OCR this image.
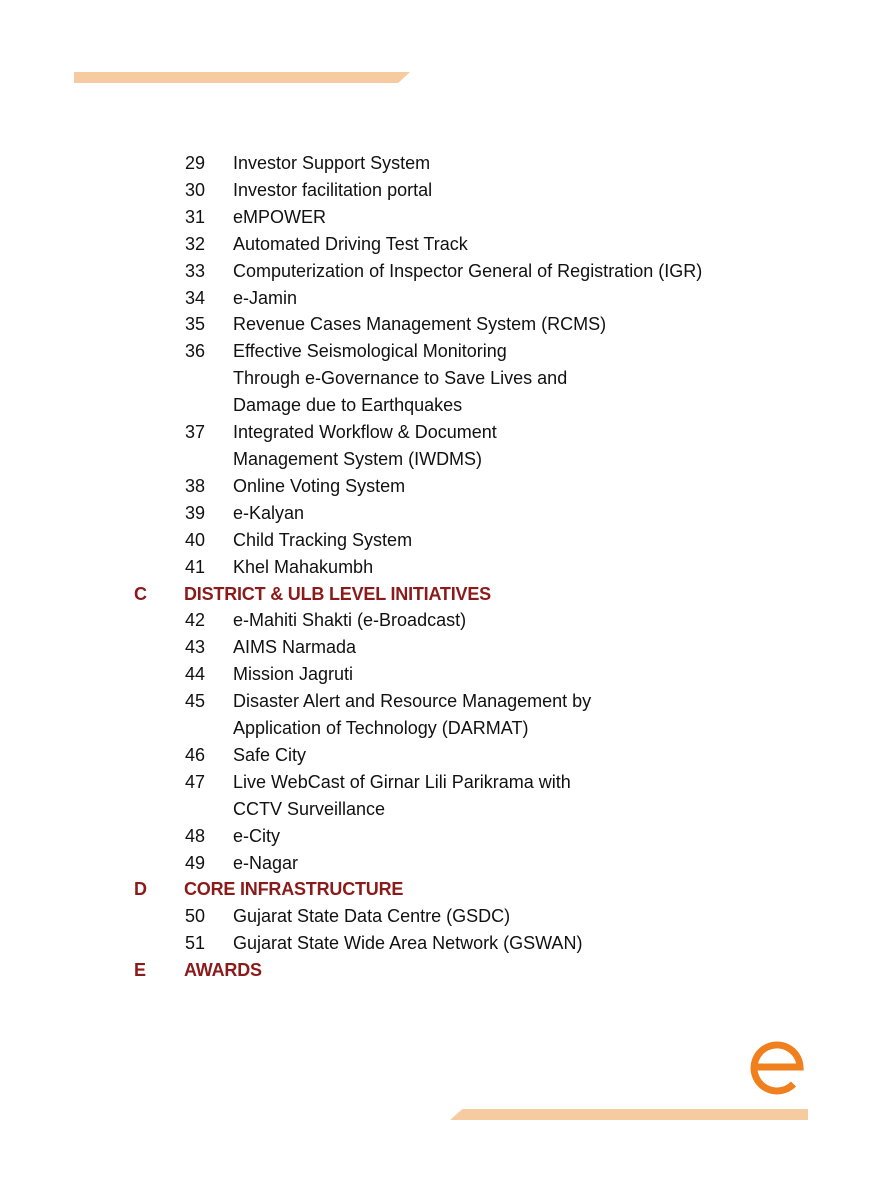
29	Investor Support System
30	Investor facilitation portal
31	eMPOWER
32	Automated Driving Test Track
33	Computerization of Inspector General of Registration (IGR)
34	e-Jamin
35	Revenue Cases Management System (RCMS)
36	Effective Seismological Monitoring
Through e-Governance to Save Lives and
Damage due to Earthquakes
37	Integrated Workflow & Document
Management System (IWDMS)
38	Online Voting System
39	e-Kalyan
40	Child Tracking System
41	Khel Mahakumbh
C	DISTRICT & ULB LEVEL INITIATIVES
42	e-Mahiti Shakti (e-Broadcast)
43	AIMS Narmada
44	Mission Jagruti
45	Disaster Alert and Resource Management by
Application of Technology (DARMAT)
46	Safe City
47	Live WebCast of Girnar Lili Parikrama with
CCTV Surveillance
48	e-City
49	e-Nagar
D	CORE INFRASTRUCTURE
50	Gujarat State Data Centre (GSDC)
51	Gujarat State Wide Area Network (GSWAN)
E	AWARDS
